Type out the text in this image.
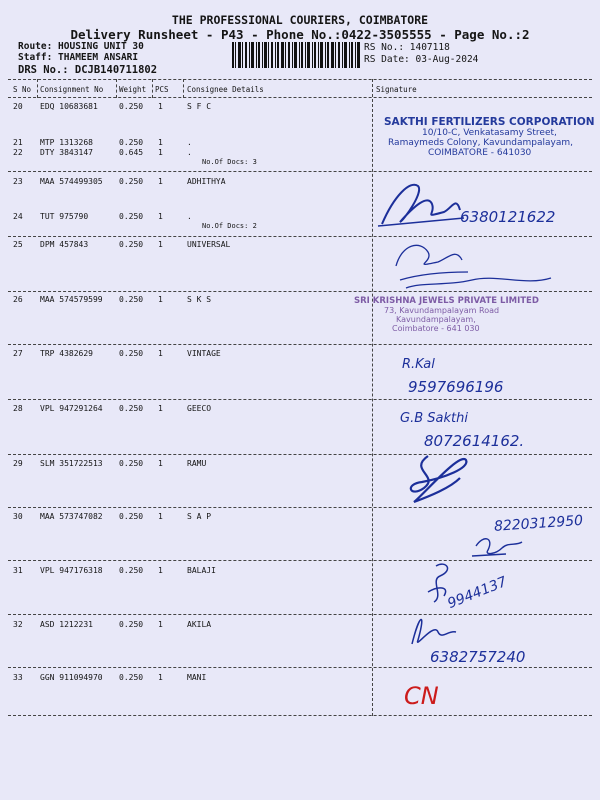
THE PROFESSIONAL COURIERS, COIMBATORE
Delivery Runsheet - P43 - Phone No.:0422-3505555 - Page No.:2
Route: HOUSING UNIT 30
Staff: THAMEEM ANSARI
DRS No.: DCJB140711802
RS No.: 1407118
RS Date: 03-Aug-2024
S No Consignment No Weight PCS Consignee Details	Signature
20 EDQ 10683681	0.250 1	S F C
21 MTP 1313268	0.250 1	.
22 DTY 3843147	0.645 1	.
No.Of Docs: 3
23 MAA 574499305 0.250 1	ADHITHYA
24 TUT 975790	0.250 1	.
No.Of Docs: 2
25 DPM 457843	0.250 1	UNIVERSAL
26 MAA 574579599 0.250 1	S K S
27 TRP 4382629	0.250 1	VINTAGE
28 VPL 947291264 0.250 1	GEECO
29 SLM 351722513 0.250 1	RAMU
30 MAA 573747082 0.250 1	S A P
31 VPL 947176318 0.250 1	BALAJI
32 ASD 1212231	0.250 1	AKILA
33 GGN 911094970 0.250 1	MANI
SAKTHI FERTILIZERS CORPORATION
10/10-C, Venkatasamy Street,
Ramaymeds Colony, Kavundampalayam,
COIMBATORE - 641030
SRI KRISHNA JEWELS PRIVATE LIMITED
73, Kavundampalayam Road
Kavundampalayam,
Coimbatore - 641 030
6380121622
R.Kal
9597696196
G.B Sakthi
8072614162.
8220312950
9944137
6382757240
CN
